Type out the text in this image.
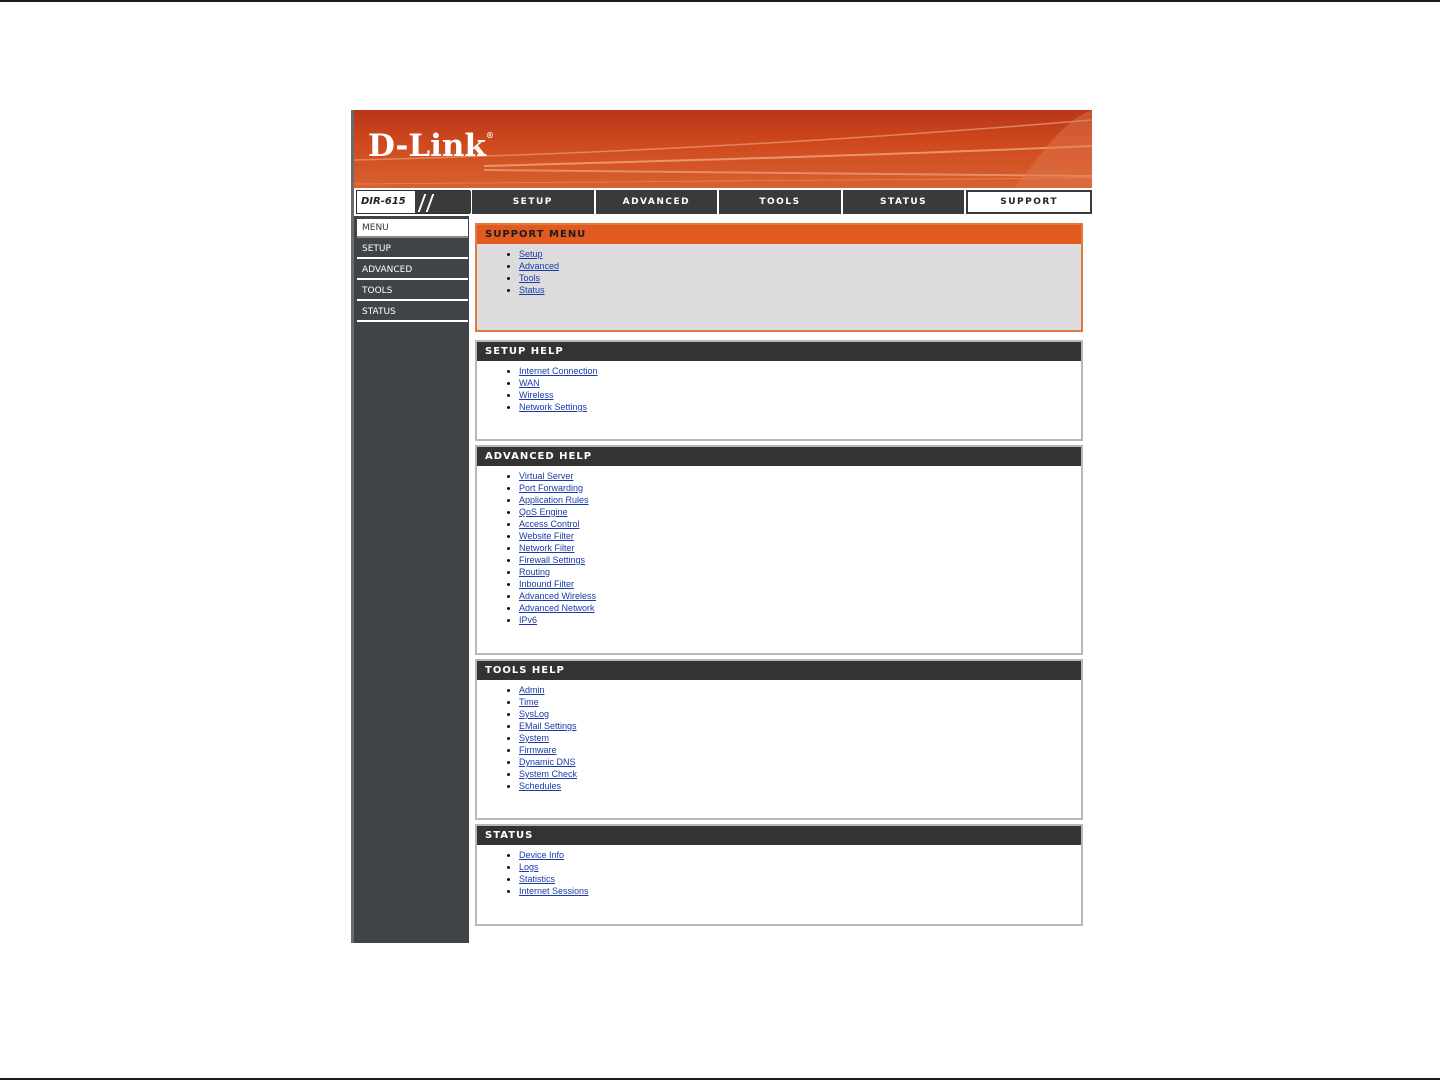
D-Link®
DIR-615	SETUP	ADVANCED	TOOLS	STATUS	SUPPORT
MENU
SETUP
ADVANCED
TOOLS
STATUS
SUPPORT MENU
• Setup
• Advanced
• Tools
• Status
SETUP HELP
• Internet Connection
• WAN
• Wireless
• Network Settings
ADVANCED HELP
• Virtual Server
• Port Forwarding
• Application Rules
• QoS Engine
• Access Control
• Website Filter
• Network Filter
• Firewall Settings
• Routing
• Inbound Filter
• Advanced Wireless
• Advanced Network
• IPv6
TOOLS HELP
• Admin
• Time
• SysLog
• EMail Settings
• System
• Firmware
• Dynamic DNS
• System Check
• Schedules
STATUS
• Device Info
• Logs
• Statistics
• Internet Sessions
